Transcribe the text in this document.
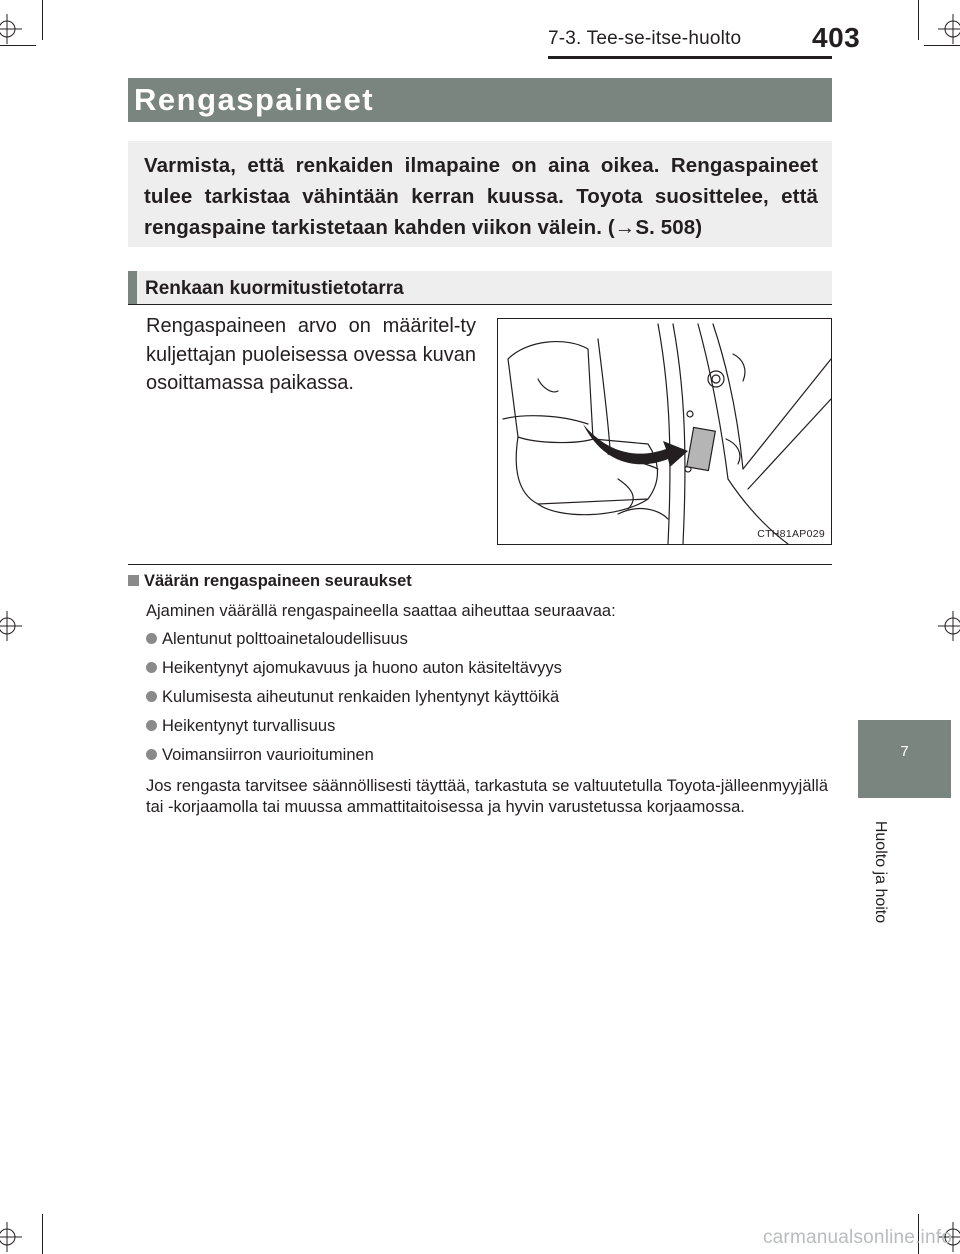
7-3. Tee-se-itse-huolto	403
Rengaspaineet
Varmista, että renkaiden ilmapaine on aina oikea. Rengaspaineet tulee tarkistaa vähintään kerran kuussa. Toyota suosittelee, että rengaspaine tarkistetaan kahden viikon välein. (→S. 508)
Renkaan kuormitustietotarra
Rengaspaineen arvo on määritel-ty kuljettajan puoleisessa ovessa kuvan osoittamassa paikassa.
CTH81AP029
Väärän rengaspaineen seuraukset
Ajaminen väärällä rengaspaineella saattaa aiheuttaa seuraavaa:
Alentunut polttoainetaloudellisuus
Heikentynyt ajomukavuus ja huono auton käsiteltävyys
Kulumisesta aiheutunut renkaiden lyhentynyt käyttöikä
Heikentynyt turvallisuus
Voimansiirron vaurioituminen
Jos rengasta tarvitsee säännöllisesti täyttää, tarkastuta se valtuutetulla Toyota-jälleenmyyjällä tai -korjaamolla tai muussa ammattitaitoisessa ja hyvin varustetussa korjaamossa.
7
Huolto ja hoito
carmanualsonline.info
